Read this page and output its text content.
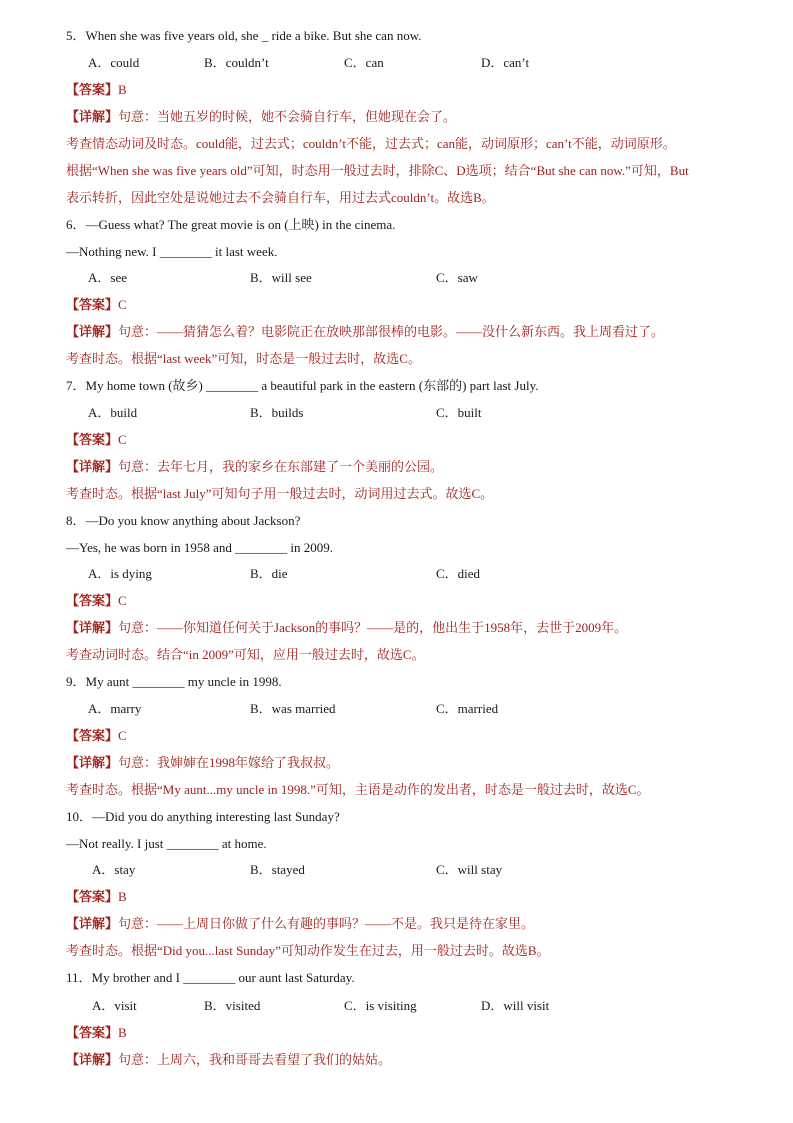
5．When she was five years old, she _ ride a bike. But she can now.
A．could	B．couldn’t	C．can	D．can’t
【答案】B
【详解】句意：当她五岁的时候，她不会骑自行车，但她现在会了。
考查情态动词及时态。could能，过去式；couldn’t不能，过去式；can能，动词原形；can’t不能，动词原形。
根据“When she was five years old”可知，时态用一般过去时，排除C、D选项；结合“But she can now.”可知，But
表示转折，因此空处是说她过去不会骑自行车，用过去式couldn’t。故选B。
6．—Guess what? The great movie is on (上映) in the cinema.
—Nothing new. I ________ it last week.
A．see	B．will see	C．saw
【答案】C
【详解】句意：——猜猜怎么着？电影院正在放映那部很棒的电影。——没什么新东西。我上周看过了。
考查时态。根据“last week”可知，时态是一般过去时，故选C。
7．My home town (故乡) ________ a beautiful park in the eastern (东部的) part last July.
A．build	B．builds	C．built
【答案】C
【详解】句意：去年七月，我的家乡在东部建了一个美丽的公园。
考查时态。根据“last July”可知句子用一般过去时，动词用过去式。故选C。
8．—Do you know anything about Jackson?
—Yes, he was born in 1958 and ________ in 2009.
A．is dying	B．die	C．died
【答案】C
【详解】句意：——你知道任何关于Jackson的事吗？——是的，他出生于1958年，去世于2009年。
考查动词时态。结合“in 2009”可知，应用一般过去时，故选C。
9．My aunt ________ my uncle in 1998.
A．marry	B．was married	C．married
【答案】C
【详解】句意：我婶婶在1998年嫁给了我叔叔。
考查时态。根据“My aunt...my uncle in 1998.”可知，主语是动作的发出者，时态是一般过去时，故选C。
10．—Did you do anything interesting last Sunday?
—Not really. I just ________ at home.
A．stay	B．stayed	C．will stay
【答案】B
【详解】句意：——上周日你做了什么有趣的事吗？——不是。我只是待在家里。
考查时态。根据“Did you...last Sunday”可知动作发生在过去，用一般过去时。故选B。
11．My brother and I ________ our aunt last Saturday.
A．visit	B．visited	C．is visiting	D．will visit
【答案】B
【详解】句意：上周六，我和哥哥去看望了我们的姑姑。
